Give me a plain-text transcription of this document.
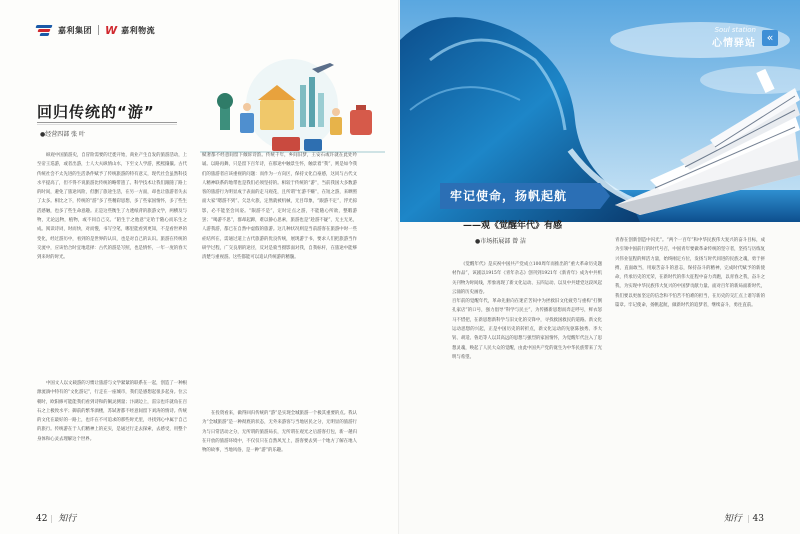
嘉利集团 W 嘉利物流
回归传统的“游”
●经营四部 张 叶
纵观中国旅游史，自冒险需要的迁徙开始，商业产生自发的旅游活动，上至帝王巡游，或者出游，士人大夫纵情山水，下至文人学游，熙熙攘攘。古代传统社会不太先进的生活条件赋予了传统旅游的特有意义，现代社会虽然科技水平提高了，但不得不说旅游比传统的略带遗了。科学技术让我们跟随了路上的时间，避免了旅途风险，但删了旅途生活，在另一方面，却也让旅游者失去了太多。相比之下，传统的“游”多了些精彩思想，多了些家国情怀，多了些生活感触，也多了些生命意趣。正是这些衡生了力透纸背的旅游文学，两横及与物，无论远物，植物，或不同自己交。“陌生于之他意”定哈于随心而乐生之成。阅读诗词，时而快，对而慢，书写空笔，哪里能看到更知，不是看世界的变化，经过游历中，看到的是世界的认识，也是对自己的认识。旅游在传统的交流中，应该恰合时宜地选择：古代的游是写照，也是情怀，一年一度的春天到来时的时光。
中国文人以文载游的习惯让旅游与文学紧紧的联系在一起，创造了一种根源流淌中特有的“文化游记”，行走在一座城市，我们是感想起很多起身。位云朝时，欧阳修可能能我们看到诗和的阑灵测量；汴湖边上，雷宗也许就角在百石之上极致水平；御前的繁华酒楼，苏轼奢都不经意间留下刘涛的情诗。传统的文化在最好的一路上，也许在不可追求的那些时光里，寻找到心中属于自己的旅行。传统游在于人们精神上的充实，是通过行走去探索，去感受，用整个身体和心灵去理解这个世界。
赋奢都不经意间留下倾诉诗韵。传统千年，乡间旧梦，王安石或许就在此处吟诵。以路再舞，只是留下百年诗，在那途中触景生怀，触景着“我”，则是如今我们的旅游者应该重视的问题：而作为一方向区，保持文化自豪感，这同与古代文人精神联系的地带也是我们必须坚持的。相较于传统的“游”，当前我国大多数游客的旅游行为明显成于表面的走马观花，且所谓“忙游不赚”，在短之游，来晒照面大家“嗯游不到”、欠急火旅，定然就被机械，无目印象，“跟游不定”，浮光掠影，必不能坚会风姿。“限游不是”，定时定点之游，不能随心所欲，整暇游罢；“喝游不思”，群却起蹄，难以静心思索，旅游也是“趁游不疑”，无主无见，人游我游，都已在自然中虚假的旅游。这几种状况则是当前游客在旅游中时一些症结所在，需通过道上古代旅游的优良传统，展现游于书，要求人们把旅游当作研学过程，广交良朋的途径，反对是骑当摄影面对我，自我标杆，在旅途中能够清楚与重视游。这些都能可以追认传统游的精髓。
在投资看来，做得回归传统的“游”是实现全城旅游一个极其重要的点。我认为“全城旅游”是一种彻底的状态，无外来游客与当地居民之分，无明显的旅游行为与日常活动之分，无所谓的旅游局长，无所谓在观光之后游客打包，新一趟归在开放的旅游环境中，不仅仅只在自然风光上，游客要去到一个地方了解在地人物的故事，当地风俗，是一种“游”的乐趣。
42 | 知行
Soul station
心情驿站 «
牢记使命，扬帆起航
——观《觉醒年代》有感
●市场拓展部 曾 洁
《觉醒年代》是庆祝中国共产党成立100周年而推出的“重大革命历史题材作品”，该剧以1915年《青年杂志》创刊到1921年《新青年》成为中共机关刊物为时间线，形象再现了新文化运动、五四运动、以及中共建党这段风起云涌的历史画卷。
百年前的觉醒年代，革命先驱向在迷茫苦闷中为拯救旧文化疲劳与重构“打倒孔家店”的口号，强力倡导“科学与民主”，为传播新思想而奔走呼号，鲜衣怒马不惜把，在新思想新科学与旧文化的交锋中，寻找救国救民的道路。新文化运动思想的兴起，正是中国历史的转折点，新文化运动的先驱陈独秀、李大钊、胡适、鲁迅等人以其高远的思想与强烈的家国情怀，为觉醒年代注入了思想灵魂，唤起了人民大众的觉醒，由此中国共产党的诞生为中华民族带来了光明与希望。
青春在创新创造中闪光”。“两个一百年”和中华民族伟大复兴的奋斗目标，成为引领中国前行的时代号召，中国青年要做革命传统的坚守者，坚持与历练复兴伟业征程的鲜活力量，始终刚定方位，发扬与时代同进的民族之魂，勇于拼搏，直面敢当，用艰苦奋斗的意志，保持奋斗的精神，完成时代赋予的新使命，传承历史的光荣，在新时代的伟大征程中奋力奔跑，以青春之我，奋斗之我，为实现中华民族伟大复兴的中国梦贡献力量。面对百年的新局面新时代，我们要以更加坚定的信念和不怕苦不怕难的担当，在历史的交汇点上谱写新的篇章。牢记使命，扬帆起航，做新时代的追梦者，继续奋斗，勇往直前。
知行 | 43
